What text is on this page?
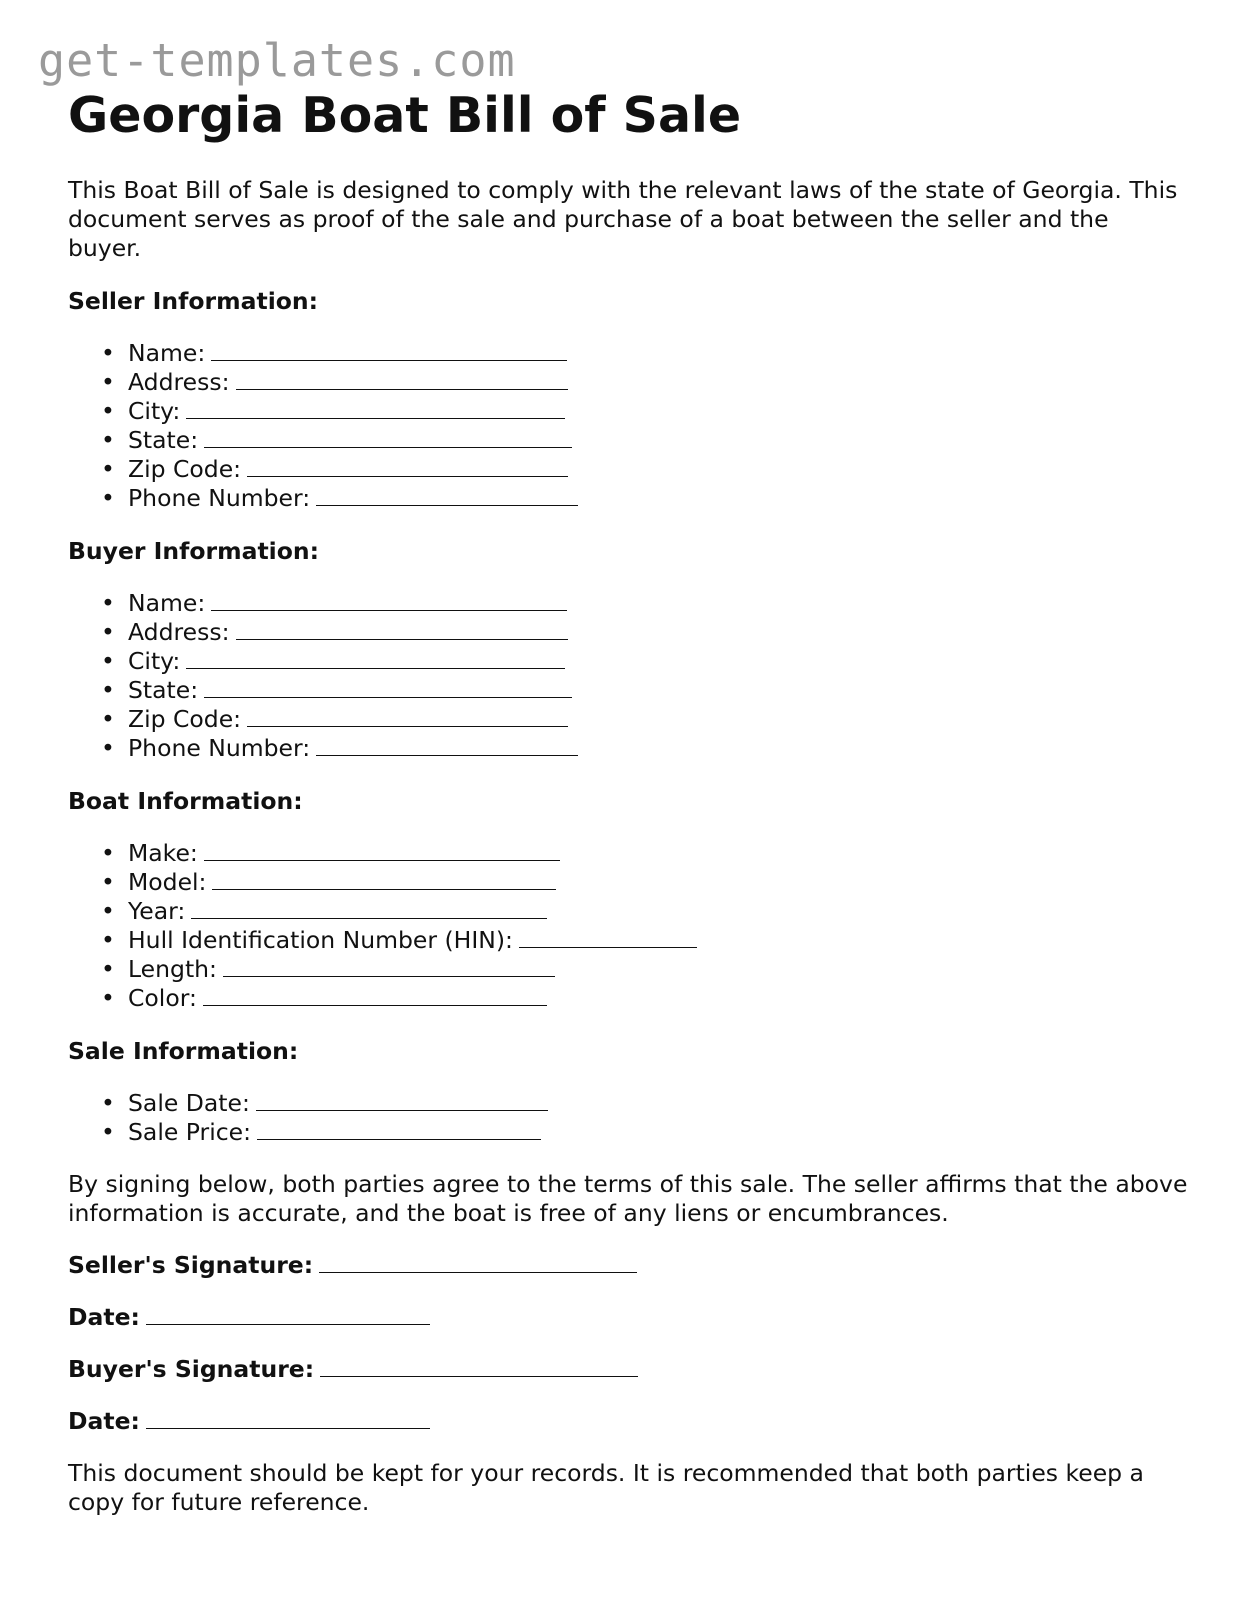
get-templates.com
Georgia Boat Bill of Sale

This Boat Bill of Sale is designed to comply with the relevant laws of the state of Georgia. This document serves as proof of the sale and purchase of a boat between the seller and the buyer.

Seller Information:
• Name:
• Address:
• City:
• State:
• Zip Code:
• Phone Number:
Buyer Information:
• Name:
• Address:
• City:
• State:
• Zip Code:
• Phone Number:
Boat Information:
• Make:
• Model:
• Year:
• Hull Identification Number (HIN):
• Length:
• Color:
Sale Information:
• Sale Date:
• Sale Price:

By signing below, both parties agree to the terms of this sale. The seller affirms that the above information is accurate, and the boat is free of any liens or encumbrances.

Seller's Signature:
Date:
Buyer's Signature:
Date:

This document should be kept for your records. It is recommended that both parties keep a copy for future reference.
